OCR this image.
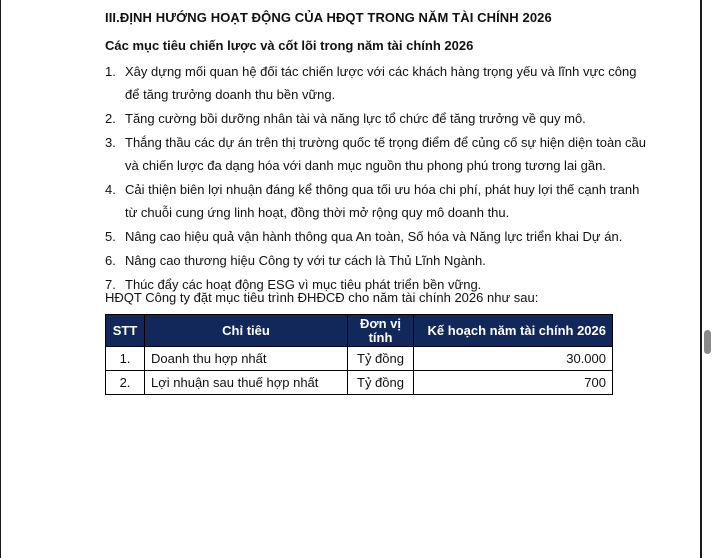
III.ĐỊNH HƯỚNG HOẠT ĐỘNG CỦA HĐQT TRONG NĂM TÀI CHÍNH 2026
Các mục tiêu chiến lược và cốt lõi trong năm tài chính 2026
1. Xây dựng mối quan hệ đối tác chiến lược với các khách hàng trọng yếu và lĩnh vực công để tăng trưởng doanh thu bền vững.
2. Tăng cường bồi dưỡng nhân tài và năng lực tổ chức để tăng trưởng về quy mô.
3. Thắng thầu các dự án trên thị trường quốc tế trọng điểm để củng cố sự hiện diện toàn cầu và chiến lược đa dạng hóa với danh mục nguồn thu phong phú trong tương lai gần.
4. Cải thiện biên lợi nhuận đáng kể thông qua tối ưu hóa chi phí, phát huy lợi thế cạnh tranh từ chuỗi cung ứng linh hoạt, đồng thời mở rộng quy mô doanh thu.
5. Nâng cao hiệu quả vận hành thông qua An toàn, Số hóa và Năng lực triển khai Dự án.
6. Nâng cao thương hiệu Công ty với tư cách là Thủ Lĩnh Ngành.
7. Thúc đẩy các hoạt động ESG vì mục tiêu phát triển bền vững.
HĐQT Công ty đặt mục tiêu trình ĐHĐCĐ cho năm tài chính 2026 như sau:
STT	Chỉ tiêu	Đơn vị tính	Kế hoạch năm tài chính 2026
1.	Doanh thu hợp nhất	Tỷ đồng	30.000
2.	Lợi nhuận sau thuế hợp nhất	Tỷ đồng	700
